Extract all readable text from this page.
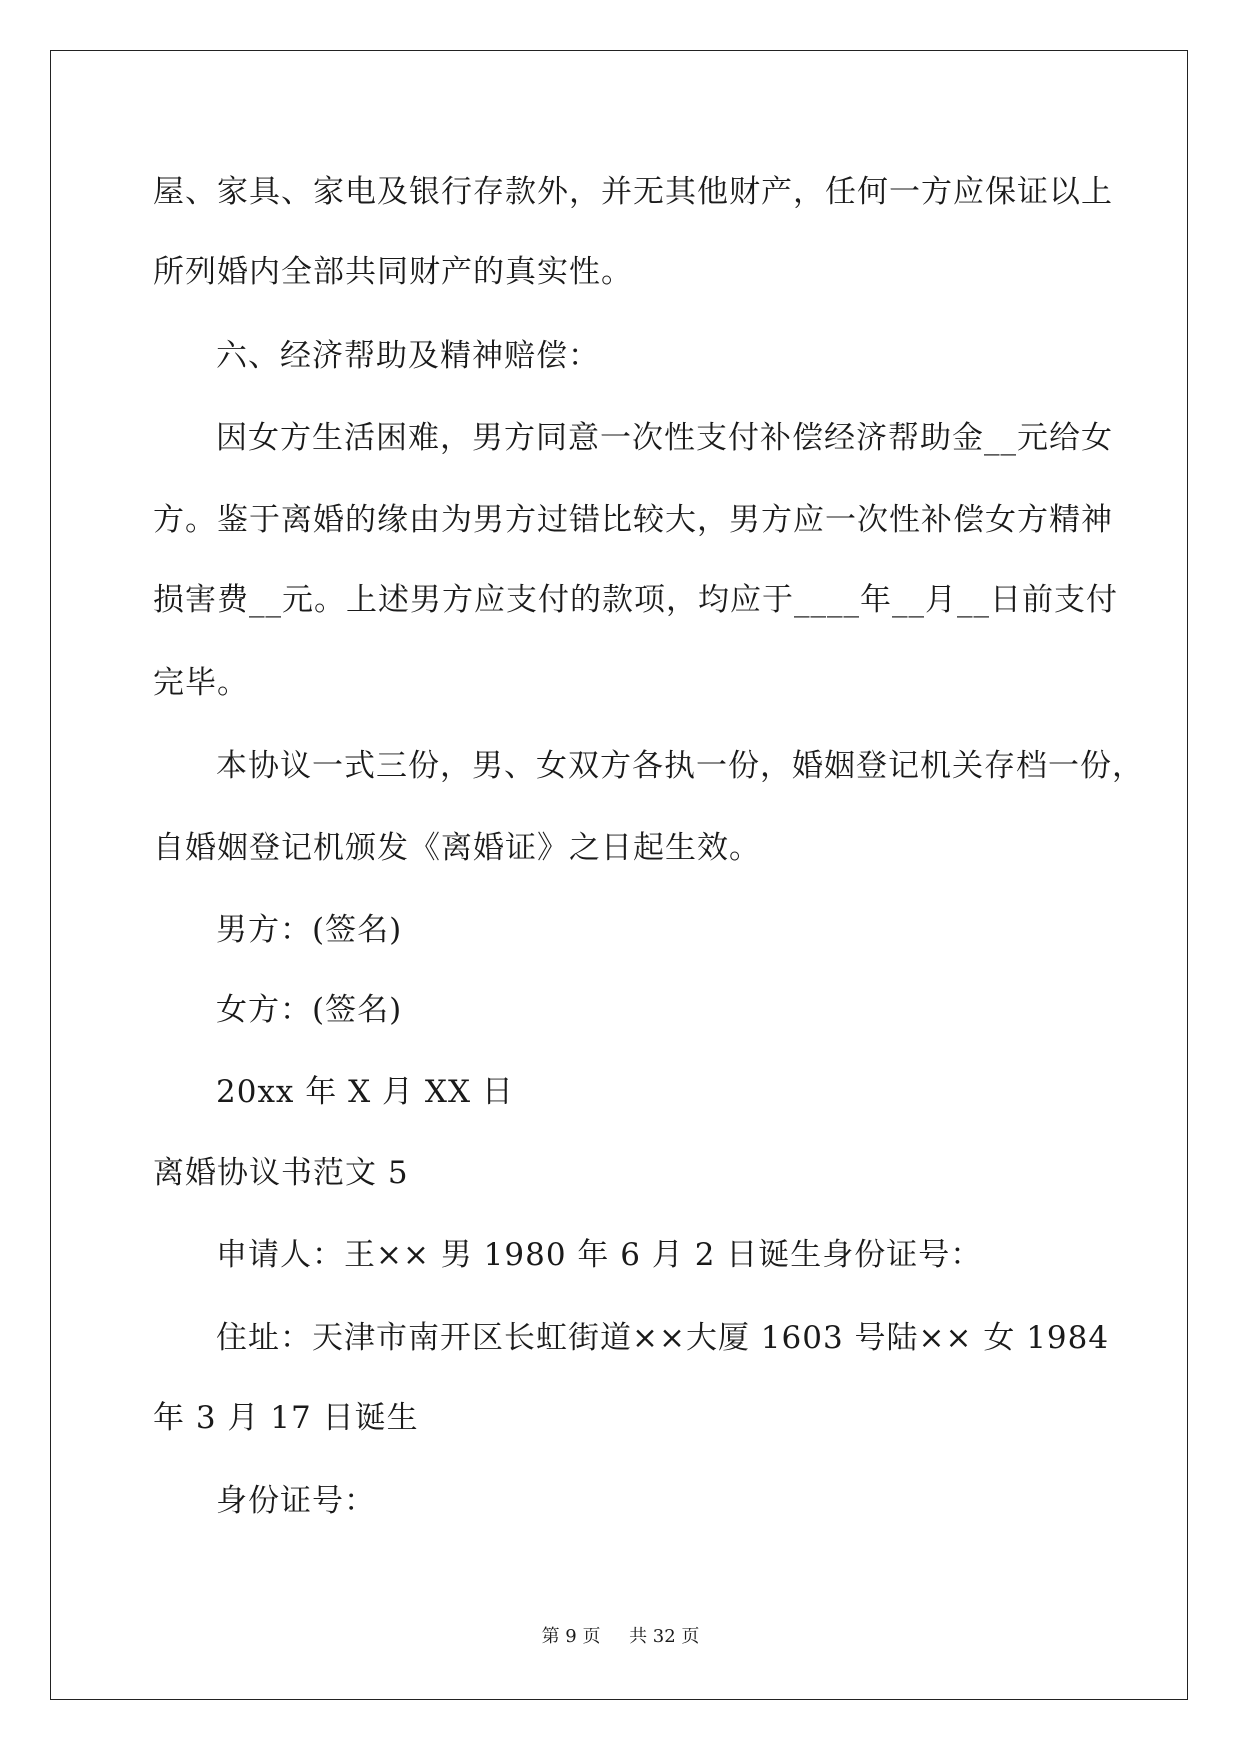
屋、家具、家电及银行存款外，并无其他财产，任何一方应保证以上

所列婚内全部共同财产的真实性。

六、经济帮助及精神赔偿：

因女方生活困难，男方同意一次性支付补偿经济帮助金__元给女

方。鉴于离婚的缘由为男方过错比较大，男方应一次性补偿女方精神

损害费__元。上述男方应支付的款项，均应于____年__月__日前支付

完毕。

本协议一式三份，男、女双方各执一份，婚姻登记机关存档一份，

自婚姻登记机颁发《离婚证》之日起生效。

男方：(签名)

女方：(签名)

20xx 年 X 月 XX 日

离婚协议书范文 5

申请人：王×× 男 1980 年 6 月 2 日诞生身份证号：

住址：天津市南开区长虹街道××大厦 1603 号陆×× 女 1984

年 3 月 17 日诞生

身份证号：

第 9 页 共 32 页
